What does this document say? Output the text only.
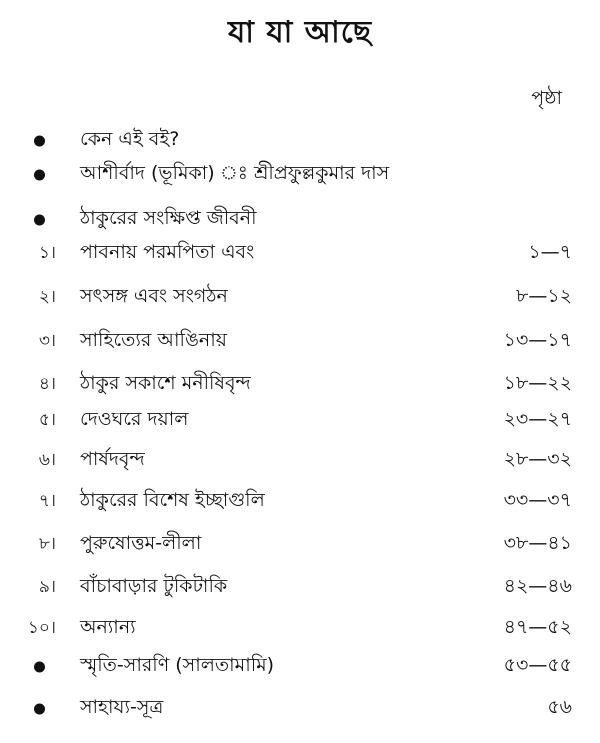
যা যা আছে
পৃষ্ঠা
কেন এই বই?
আশীর্বাদ (ভূমিকা) ঃ শ্রীপ্রফুল্লকুমার দাস
ঠাকুরের সংক্ষিপ্ত জীবনী
১। পাবনায় পরমপিতা এবং	১—৭
২। সৎসঙ্গ এবং সংগঠন	৮—১২
৩। সাহিত্যের আঙিনায়	১৩—১৭
৪। ঠাকুর সকাশে মনীষিবৃন্দ	১৮—২২
৫। দেওঘরে দয়াল	২৩—২৭
৬। পার্ষদবৃন্দ	২৮—৩২
৭। ঠাকুরের বিশেষ ইচ্ছাগুলি	৩৩—৩৭
৮। পুরুষোত্তম-লীলা	৩৮—৪১
৯। বাঁচাবাড়ার টুকিটাকি	৪২—৪৬
১০। অন্যান্য	৪৭—৫২
স্মৃতি-সারণি (সালতামামি)	৫৩—৫৫
সাহায্য-সূত্র	৫৬
